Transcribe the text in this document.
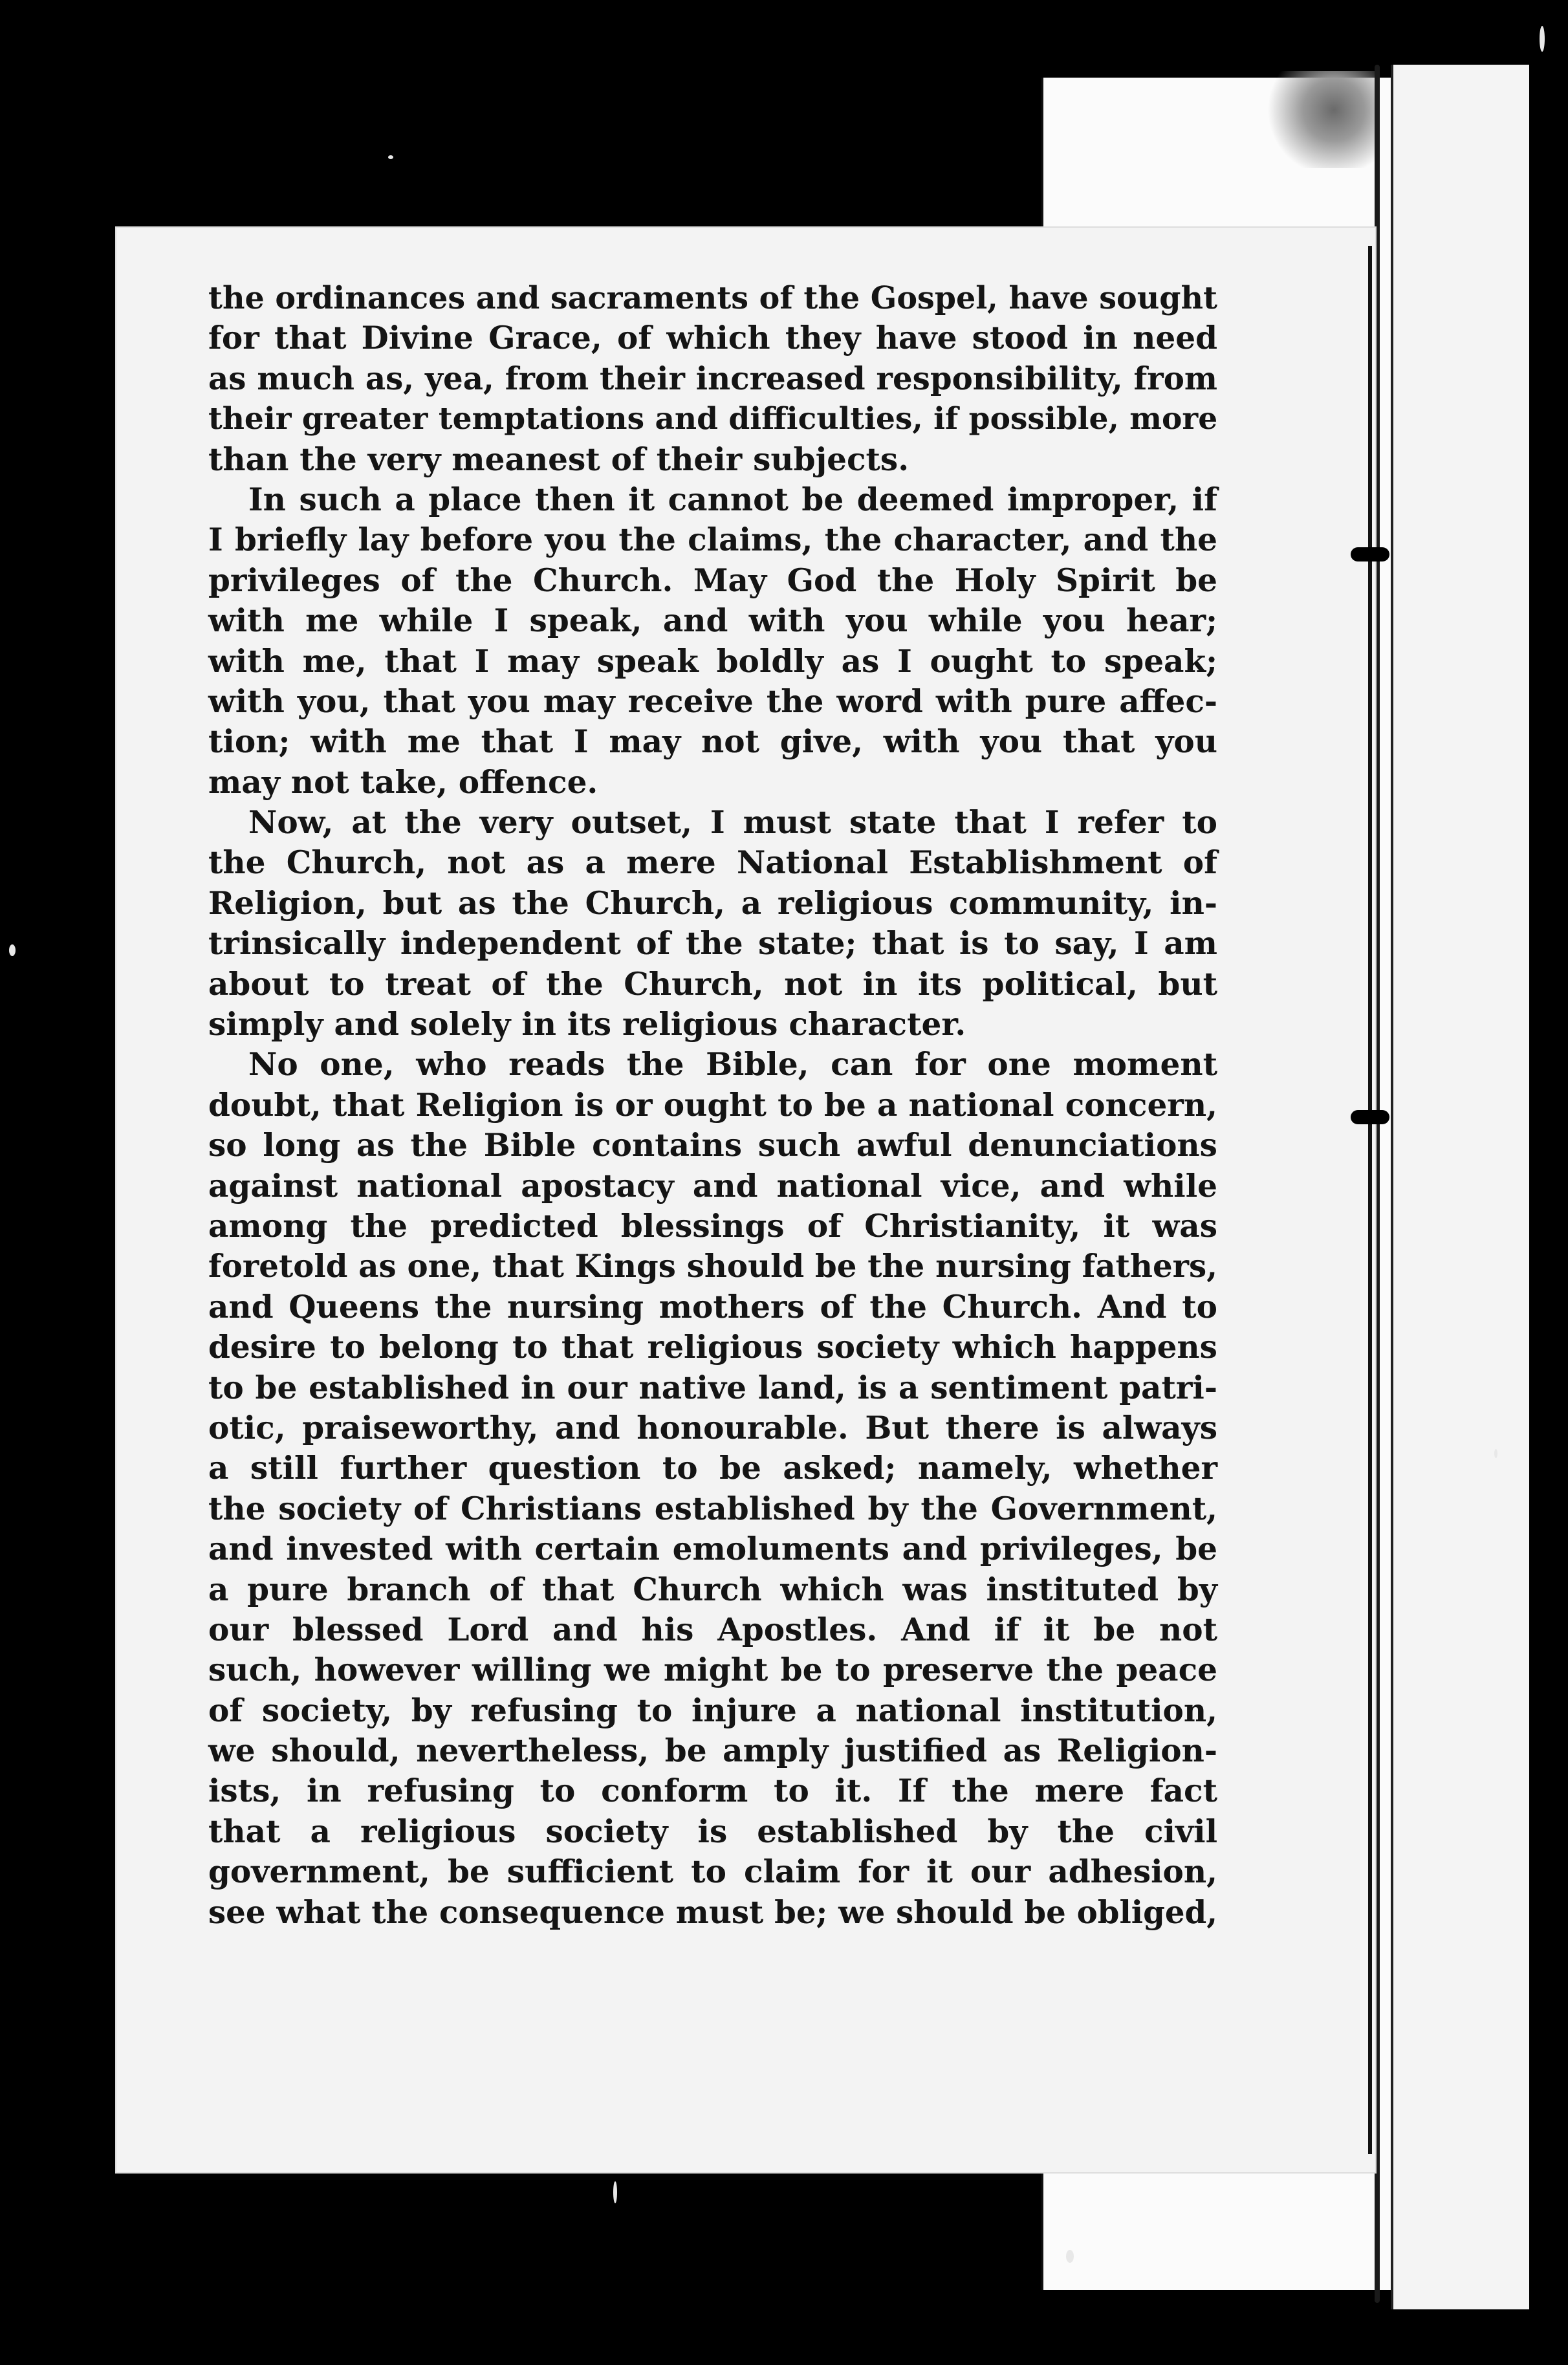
the ordinances and sacraments of the Gospel, have sought
for that Divine Grace, of which they have stood in need
as much as, yea, from their increased responsibility, from
their greater temptations and difficulties, if possible, more
than the very meanest of their subjects.
In such a place then it cannot be deemed improper, if
I briefly lay before you the claims, the character, and the
privileges of the Church. May God the Holy Spirit be
with me while I speak, and with you while you hear;
with me, that I may speak boldly as I ought to speak;
with you, that you may receive the word with pure affec-
tion; with me that I may not give, with you that you
may not take, offence.
Now, at the very outset, I must state that I refer to
the Church, not as a mere National Establishment of
Religion, but as the Church, a religious community, in-
trinsically independent of the state; that is to say, I am
about to treat of the Church, not in its political, but
simply and solely in its religious character.
No one, who reads the Bible, can for one moment
doubt, that Religion is or ought to be a national concern,
so long as the Bible contains such awful denunciations
against national apostacy and national vice, and while
among the predicted blessings of Christianity, it was
foretold as one, that Kings should be the nursing fathers,
and Queens the nursing mothers of the Church. And to
desire to belong to that religious society which happens
to be established in our native land, is a sentiment patri-
otic, praiseworthy, and honourable. But there is always
a still further question to be asked; namely, whether
the society of Christians established by the Government,
and invested with certain emoluments and privileges, be
a pure branch of that Church which was instituted by
our blessed Lord and his Apostles. And if it be not
such, however willing we might be to preserve the peace
of society, by refusing to injure a national institution,
we should, nevertheless, be amply justified as Religion-
ists, in refusing to conform to it. If the mere fact
that a religious society is established by the civil
government, be sufficient to claim for it our adhesion,
see what the consequence must be; we should be obliged,
